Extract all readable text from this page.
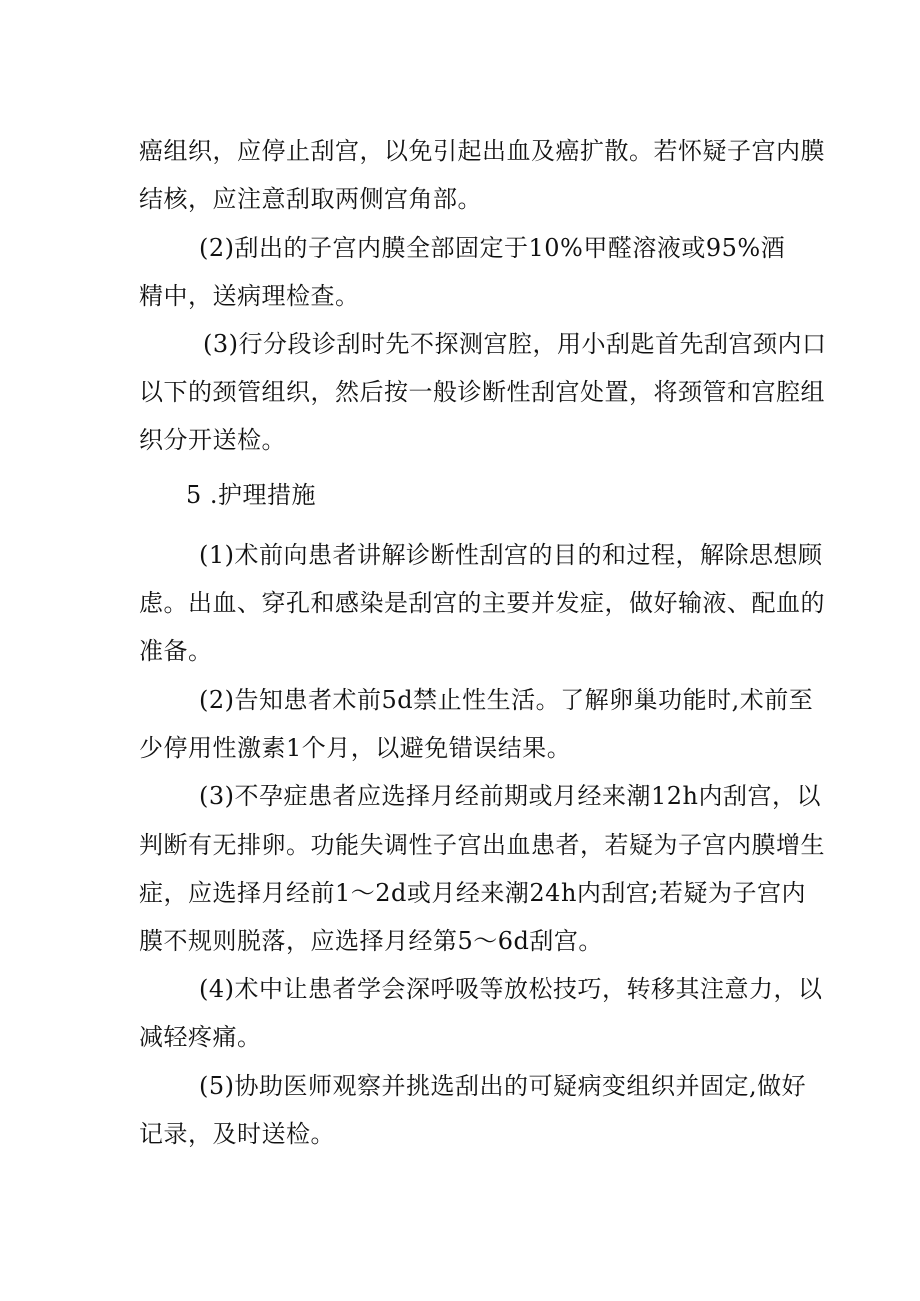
癌组织，应停止刮宫，以免引起出血及癌扩散。若怀疑子宫内膜
结核，应注意刮取两侧宫角部。
(2)刮出的子宫内膜全部固定于10%甲醛溶液或95%酒
精中，送病理检查。
(3)行分段诊刮时先不探测宫腔，用小刮匙首先刮宫颈内口
以下的颈管组织，然后按一般诊断性刮宫处置，将颈管和宫腔组
织分开送检。
5 .护理措施
(1)术前向患者讲解诊断性刮宫的目的和过程，解除思想顾
虑。出血、穿孔和感染是刮宫的主要并发症，做好输液、配血的
准备。
(2)告知患者术前5d禁止性生活。了解卵巢功能时,术前至
少停用性激素1个月，以避免错误结果。
(3)不孕症患者应选择月经前期或月经来潮12h内刮宫，以
判断有无排卵。功能失调性子宫出血患者，若疑为子宫内膜增生
症，应选择月经前1～2d或月经来潮24h内刮宫;若疑为子宫内
膜不规则脱落，应选择月经第5～6d刮宫。
(4)术中让患者学会深呼吸等放松技巧，转移其注意力，以
减轻疼痛。
(5)协助医师观察并挑选刮出的可疑病变组织并固定,做好
记录，及时送检。
